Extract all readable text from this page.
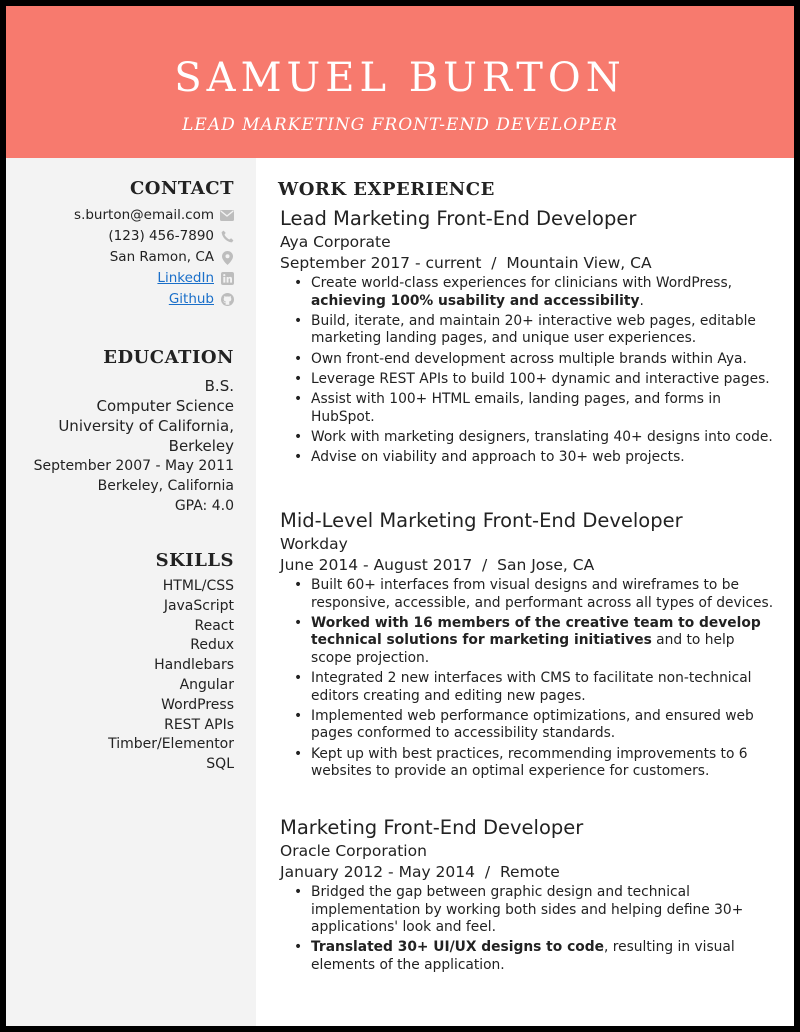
SAMUEL BURTON
LEAD MARKETING FRONT-END DEVELOPER
CONTACT
s.burton@email.com
(123) 456-7890
San Ramon, CA
LinkedIn
Github
EDUCATION
B.S.
Computer Science
University of California,
Berkeley
September 2007 - May 2011
Berkeley, California
GPA: 4.0
SKILLS
HTML/CSS
JavaScript
React
Redux
Handlebars
Angular
WordPress
REST APIs
Timber/Elementor
SQL
WORK EXPERIENCE
Lead Marketing Front-End Developer
Aya Corporate
September 2017 - current  /  Mountain View, CA
• Create world-class experiences for clinicians with WordPress, achieving 100% usability and accessibility.
• Build, iterate, and maintain 20+ interactive web pages, editable marketing landing pages, and unique user experiences.
• Own front-end development across multiple brands within Aya.
• Leverage REST APIs to build 100+ dynamic and interactive pages.
• Assist with 100+ HTML emails, landing pages, and forms in HubSpot.
• Work with marketing designers, translating 40+ designs into code.
• Advise on viability and approach to 30+ web projects.
Mid-Level Marketing Front-End Developer
Workday
June 2014 - August 2017  /  San Jose, CA
• Built 60+ interfaces from visual designs and wireframes to be responsive, accessible, and performant across all types of devices.
• Worked with 16 members of the creative team to develop technical solutions for marketing initiatives and to help scope projection.
• Integrated 2 new interfaces with CMS to facilitate non-technical editors creating and editing new pages.
• Implemented web performance optimizations, and ensured web pages conformed to accessibility standards.
• Kept up with best practices, recommending improvements to 6 websites to provide an optimal experience for customers.
Marketing Front-End Developer
Oracle Corporation
January 2012 - May 2014  /  Remote
• Bridged the gap between graphic design and technical implementation by working both sides and helping define 30+ applications' look and feel.
• Translated 30+ UI/UX designs to code, resulting in visual elements of the application.
